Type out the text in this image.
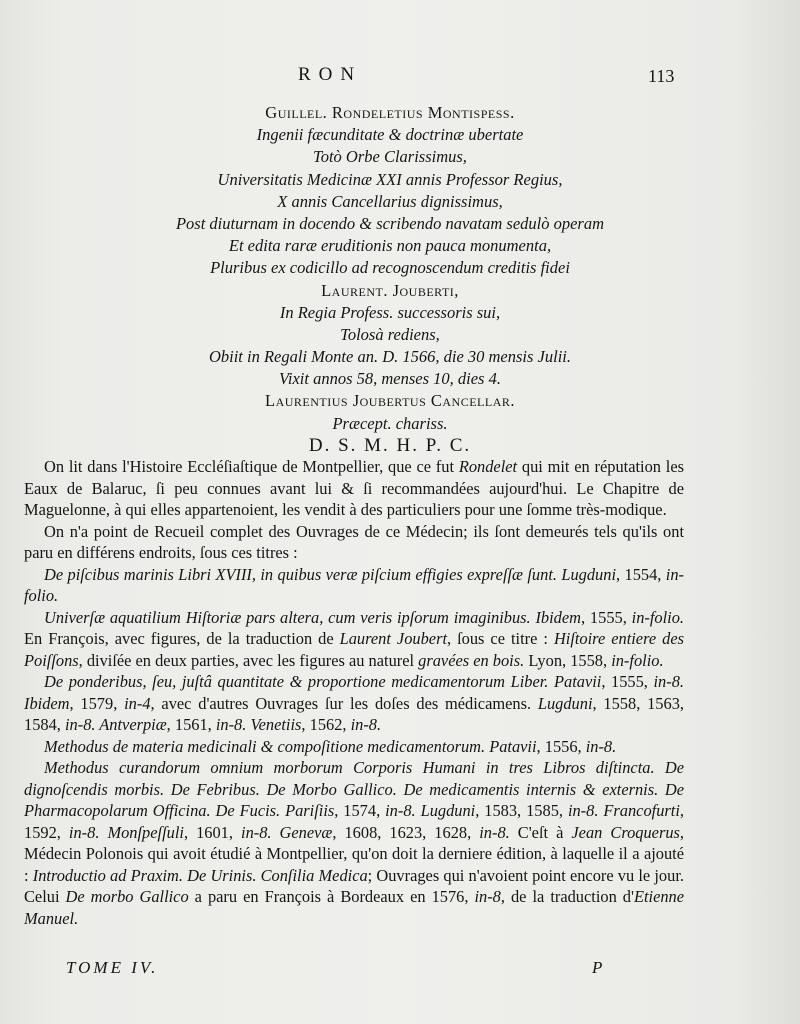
RON	113
Guillel. Rondeletius Montispess.
Ingenii fæcunditate & doctrinæ ubertate
Totò Orbe Clarissimus,
Universitatis Medicinæ XXI annis Professor Regius,
X annis Cancellarius dignissimus,
Post diuturnam in docendo & scribendo navatam sedulò operam
Et edita raræ eruditionis non pauca monumenta,
Pluribus ex codicillo ad recognoscendum creditis fidei
Laurent. Jouberti,
In Regia Profess. successoris sui,
Tolosà rediens,
Obiit in Regali Monte an. D. 1566, die 30 mensis Julii.
Vixit annos 58, menses 10, dies 4.
Laurentius Joubertus Cancellar.
Præcept. chariss.
D. S. M. H. P. C.

On lit dans l'Histoire Eccléſiaſtique de Montpellier, que ce fut Rondelet qui mit en réputation les Eaux de Balaruc, ſi peu connues avant lui & ſi recommandées aujourd'hui. Le Chapitre de Maguelonne, à qui elles appartenoient, les vendit à des particuliers pour une ſomme très-modique.

On n'a point de Recueil complet des Ouvrages de ce Médecin; ils ſont demeurés tels qu'ils ont paru en différens endroits, ſous ces titres :

De piſcibus marinis Libri XVIII, in quibus veræ piſcium effigies expreſſæ ſunt. Lugduni, 1554, in-folio.

Univerſæ aquatilium Hiſtoriæ pars altera, cum veris ipſorum imaginibus. Ibidem, 1555, in-folio. En François, avec figures, de la traduction de Laurent Joubert, ſous ce titre : Hiſtoire entiere des Poiſſons, diviſée en deux parties, avec les figures au naturel gravées en bois. Lyon, 1558, in-folio.

De ponderibus, ſeu, juſtâ quantitate & proportione medicamentorum Liber. Patavii, 1555, in-8. Ibidem, 1579, in-4, avec d'autres Ouvrages ſur les doſes des médicamens. Lugduni, 1558, 1563, 1584, in-8. Antverpiæ, 1561, in-8. Venetiis, 1562, in-8.

Methodus de materia medicinali & compoſitione medicamentorum. Patavii, 1556, in-8.

Methodus curandorum omnium morborum Corporis Humani in tres Libros diſtincta. De dignoſcendis morbis. De Febribus. De Morbo Gallico. De medicamentis internis & externis. De Pharmacopolarum Officina. De Fucis. Pariſiis, 1574, in-8. Lugduni, 1583, 1585, in-8. Francofurti, 1592, in-8. Monſpeſſuli, 1601, in-8. Genevæ, 1608, 1623, 1628, in-8. C'eſt à Jean Croquerus, Médecin Polonois qui avoit étudié à Montpellier, qu'on doit la derniere édition, à laquelle il a ajouté : Introductio ad Praxim. De Urinis. Conſilia Medica; Ouvrages qui n'avoient point encore vu le jour. Celui De morbo Gallico a paru en François à Bordeaux en 1576, in-8, de la traduction d'Etienne Manuel.

TOME IV.	P
